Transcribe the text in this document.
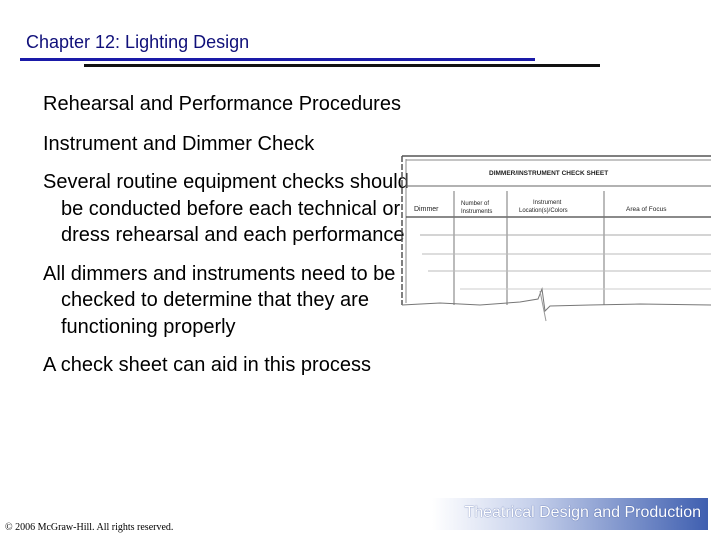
Chapter 12: Lighting Design
Rehearsal and Performance Procedures
Instrument and Dimmer Check
Several routine equipment checks should be conducted before each technical or dress rehearsal and each performance
All dimmers and instruments need to be checked to determine that they are functioning properly
A check sheet can aid in this process
DIMMER/INSTRUMENT CHECK SHEET
Dimmer
Number of
Instruments
Instrument
Location(s)/Colors	Area of Focus
Theatrical Design and Production
© 2006 McGraw-Hill. All rights reserved.
